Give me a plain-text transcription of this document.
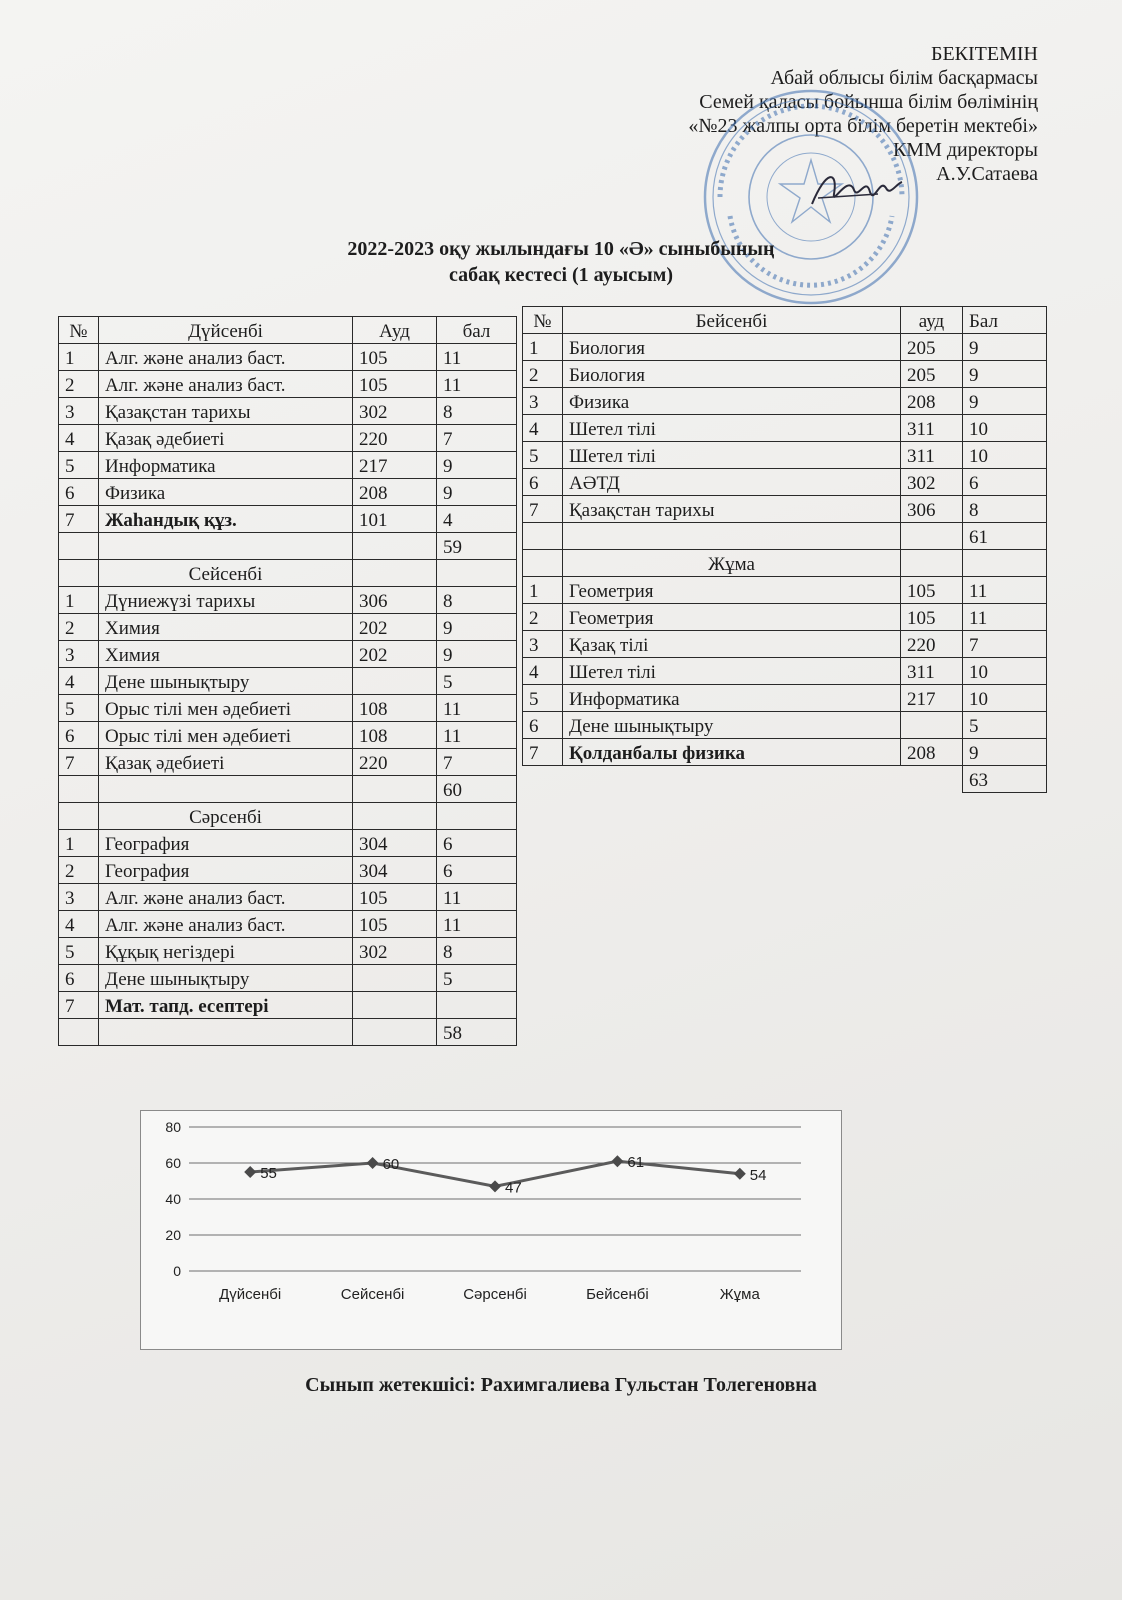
БЕКІТЕМІН
Абай облысы білім басқармасы
Семей қаласы бойынша білім бөлімінің
«№23 жалпы орта білім беретін мектебі»
КММ директоры
А.У.Сатаева
2022-2023 оқу жылындағы 10 «Ә» сыныбының
сабақ кестесі (1 ауысым)
№	Дүйсенбі	Ауд	бал
1	Алг. және анализ баст.	105	11
2	Алг. және анализ баст.	105	11
3	Қазақстан тарихы	302	8
4	Қазақ әдебиеті	220	7
5	Информатика	217	9
6	Физика	208	9
7	Жаһандық құз.	101	4
			59
	Сейсенбі		
1	Дүниежүзі тарихы	306	8
2	Химия	202	9
3	Химия	202	9
4	Дене шынықтыру		5
5	Орыс тілі мен әдебиеті	108	11
6	Орыс тілі мен әдебиеті	108	11
7	Қазақ әдебиеті	220	7
			60
	Сәрсенбі		
1	География	304	6
2	География	304	6
3	Алг. және анализ баст.	105	11
4	Алг. және анализ баст.	105	11
5	Құқық негіздері	302	8
6	Дене шынықтыру		5
7	Мат. тапд. есептері		
			58
№	Бейсенбі	ауд	Бал
1	Биология	205	9
2	Биология	205	9
3	Физика	208	9
4	Шетел тілі	311	10
5	Шетел тілі	311	10
6	АӘТД	302	6
7	Қазақстан тарихы	306	8
			61
	Жұма		
1	Геометрия	105	11
2	Геометрия	105	11
3	Қазақ тілі	220	7
4	Шетел тілі	311	10
5	Информатика	217	10
6	Дене шынықтыру		5
7	Қолданбалы физика	208	9
			63
0
20
40
60
80
Дүйсенбі	Сейсенбі	Сәрсенбі	Бейсенбі	Жұма
55
60
47
61
54
Сынып жетекшісі: Рахимгалиева Гульстан Толегеновна
